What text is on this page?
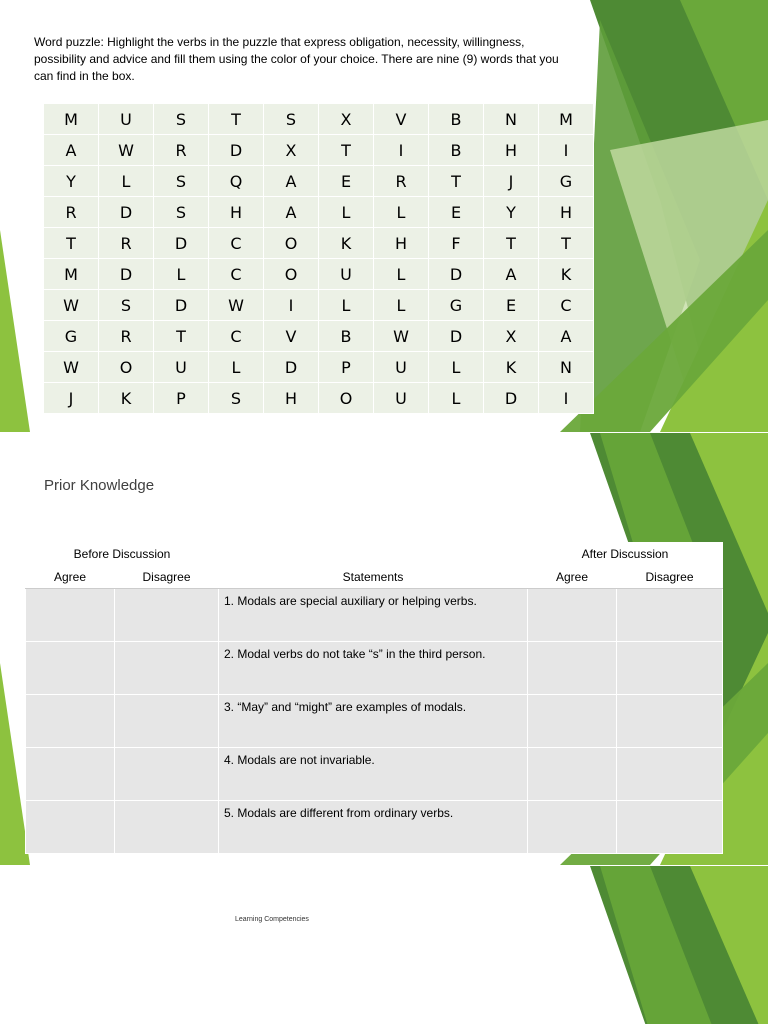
Word puzzle: Highlight the verbs in the puzzle that express obligation, necessity, willingness, possibility and advice and fill them using the color of your choice. There are nine (9) words that you can find in the box.
M	U	S	T	S	X	V	B	N	M
A	W	R	D	X	T	I	B	H	I
Y	L	S	Q	A	E	R	T	J	G
R	D	S	H	A	L	L	E	Y	H
T	R	D	C	O	K	H	F	T	T
M	D	L	C	O	U	L	D	A	K
W	S	D	W	I	L	L	G	E	C
G	R	T	C	V	B	W	D	X	A
W	O	U	L	D	P	U	L	K	N
J	K	P	S	H	O	U	L	D	I
Prior Knowledge
Before Discussion			After Discussion	
Agree	Disagree	Statements	Agree	Disagree
		1. Modals are special auxiliary or helping verbs.		
		2. Modal verbs do not take “s” in the third person.		
		3. “May” and “might” are examples of modals.		
		4. Modals are not invariable.		
		5. Modals are different from ordinary verbs.		
Learning Competencies
